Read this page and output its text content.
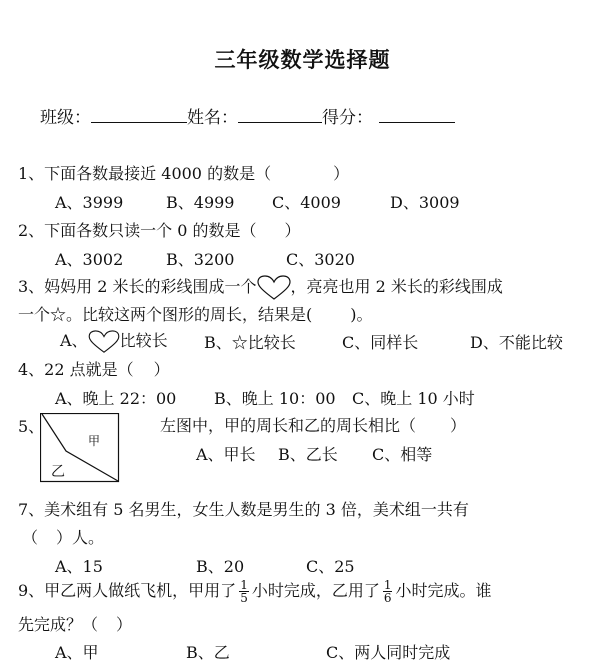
三年级数学选择题
班级：	姓名：	得分：
1、下面各数最接近 4000 的数是（	）
A、3999	B、4999 C、4009	D、3009
2、下面各数只读一个 0 的数是（ ）
A、3002	B、3200	C、3020
3、妈妈用 2 米长的彩线围成一个 ，亮亮也用 2 米长的彩线围成
一个☆。比较这两个图形的周长，结果是( )。
A、 比较长 B、☆比较长	C、同样长	D、不能比较
4、22 点就是（ ）
A、晚上 22：00 B、晚上 10：00 C、晚上 10 小时
5、
甲
乙
左图中，甲的周长和乙的周长相比（ ）
A、甲长 B、乙长 C、相等
7、美术组有 5 名男生，女生人数是男生的 3 倍，美术组一共有
（ ）人。
A、15	B、20	C、25
9、甲乙两人做纸飞机，甲用了 $\frac{1}{5}$ 小时完成，乙用了 $\frac{1}{6}$ 小时完成。谁
先完成？（ ）
A、甲	B、乙	C、两人同时完成
